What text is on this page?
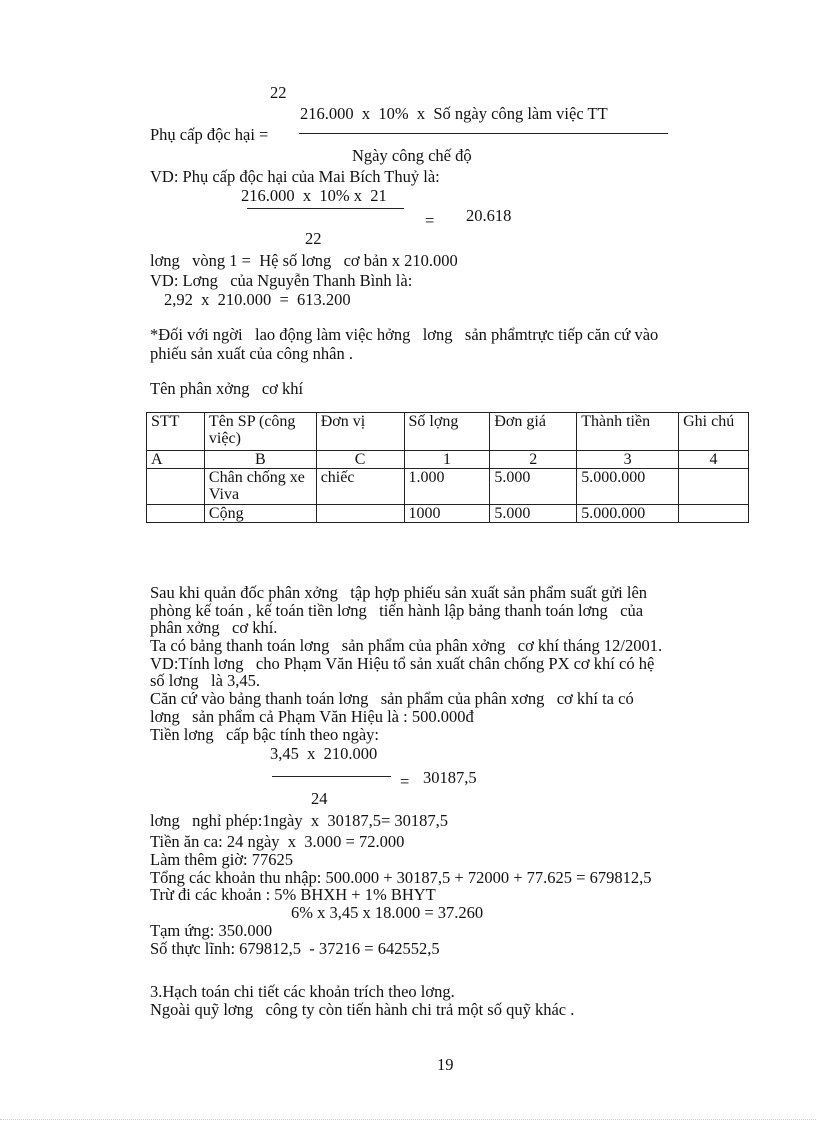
22
216.000  x  10%  x  Số ngày công làm việc TT
Phụ cấp độc hại =
Ngày công chế độ
VD: Phụ cấp độc hại của Mai Bích Thuỷ là:
216.000  x  10% x  21
= 20.618
22
lơng   vòng 1 =  Hệ số lơng   cơ bản x 210.000
VD: Lơng   của Nguyễn Thanh Bình là:
2,92  x  210.000  =  613.200
*Đối với ngời   lao động làm việc hởng   lơng   sản phẩmtrực tiếp căn cứ vào
phiếu sản xuất của công nhân .
Tên phân xởng   cơ khí
STT	Tên SP (công việc)	Đơn vị	Số lợng	Đơn giá	Thành tiền	Ghi chú
A	B	C	1	2	3	4
	Chân chống xe Viva	chiếc	1.000	5.000	5.000.000	
	Cộng		1000	5.000	5.000.000	
Sau khi quản đốc phân xởng   tập hợp phiếu sản xuất sản phẩm suất gửi lên
phòng kế toán , kế toán tiền lơng   tiến hành lập bảng thanh toán lơng   của
phân xởng   cơ khí.
Ta có bảng thanh toán lơng   sản phẩm của phân xởng   cơ khí tháng 12/2001.
VD:Tính lơng   cho Phạm Văn Hiệu tổ sản xuất chân chống PX cơ khí có hệ
số lơng   là 3,45.
Căn cứ vào bảng thanh toán lơng   sản phẩm của phân xơng   cơ khí ta có
lơng   sản phẩm cả Phạm Văn Hiệu là : 500.000đ
Tiền lơng   cấp bậc tính theo ngày:
3,45  x  210.000
= 30187,5
24
lơng   nghỉ phép:1ngày  x  30187,5= 30187,5
Tiền ăn ca: 24 ngày  x  3.000 = 72.000
Làm thêm giờ: 77625
Tổng các khoản thu nhập: 500.000 + 30187,5 + 72000 + 77.625 = 679812,5
Trừ đi các khoản : 5% BHXH + 1% BHYT
6% x 3,45 x 18.000 = 37.260
Tạm ứng: 350.000
Số thực lĩnh: 679812,5  - 37216 = 642552,5
3.Hạch toán chi tiết các khoản trích theo lơng.
Ngoài quỹ lơng   công ty còn tiến hành chi trả một số quỹ khác .
19
